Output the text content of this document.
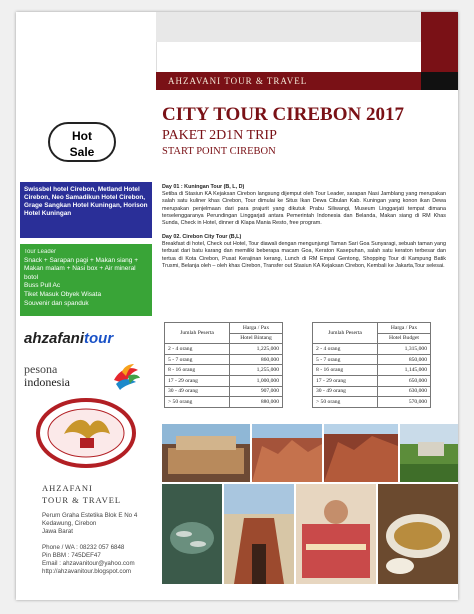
AHZAVANI TOUR & TRAVEL
Hot
Sale
Swissbel hotel Cirebon, Metland Hotel Cirebon, Neo Samadikun Hotel Cirebon, Grage Sangkan Hotel Kuningan, Horison Hotel Kuningan
Tour Leader
Snack + Sarapan pagi + Makan siang + Makan malam + Nasi box + Air mineral botol
Buss Pull Ac
Tiket Masuk Obyek Wisata
Souvenir dan spanduk
ahzafanitour
pesona
indonesia
AHZAFANI
TOUR & TRAVEL
Perum Graha Estetika Blok E No 4
Kedawung, Cirebon
Jawa Barat
Phone / WA : 08232 057 6848
Pin BBM : 745DEF47
Email : ahzavanitour@yahoo.com
http://ahzavanitour.blogspot.com
CITY TOUR CIREBON 2017
PAKET 2D1N TRIP
START POINT CIREBON
Day 01 : Kuningan Tour (B, L, D)
Setiba di Stasiun KA Kejaksan Cirebon langsung dijemput oleh Tour Leader, sarapan Nasi Jamblang yang merupakan salah satu kuliner khas Cirebon, Tour dimulai ke Situs Ikan Dewa Cibulan Kab. Kuningan yang konon ikan Dewa merupakan penjelmaan dari para prajurit yang dikutuk Prabu Siliwangi, Museum Linggarjati tempat dimana terselenggaranya Perundingan Linggarjati antara Pemerintah Indonesia dan Belanda, Makan siang di RM Khas Sunda, Check in Hotel, dinner di Klapa Mania Resto, free program.
Day 02. Cirebon City Tour (B,L)
Breakfast di hotel, Check out Hotel, Tour diawali dengan mengunjungi Taman Sari Goa Sunyaragi, sebuah taman yang terbuat dari batu karang dan memiliki beberapa macam Goa, Keraton Kasepuhan, salah satu keraton terbesar dan tertua di Kota Cirebon, Pusat Kerajinan kerang, Lunch di RM Empal Gentong, Shopping Tour di Kampung Batik Trusmi, Belanja oleh – oleh khas Cirebon, Transfer out Stasiun KA Kejaksan Cirebon, Kembali ke Jakarta,Tour selesai.
Jumlah Peserta	Harga / Pax
	Hotel Bintang
2 - 4 orang	1,225,000
5 - 7 orang	860,000
8 - 16 orang	1,255,000
17 - 29 orang	1,000,000
30 - 49 orang	907,000
> 50 orang	880,000
Jumlah Peserta	Harga / Pax
	Hotel Budget
2 - 4 orang	1,315,000
5 - 7 orang	850,000
8 - 16 orang	1,145,000
17 - 29 orang	650,000
30 - 49 orang	630,000
> 50 orang	570,000
